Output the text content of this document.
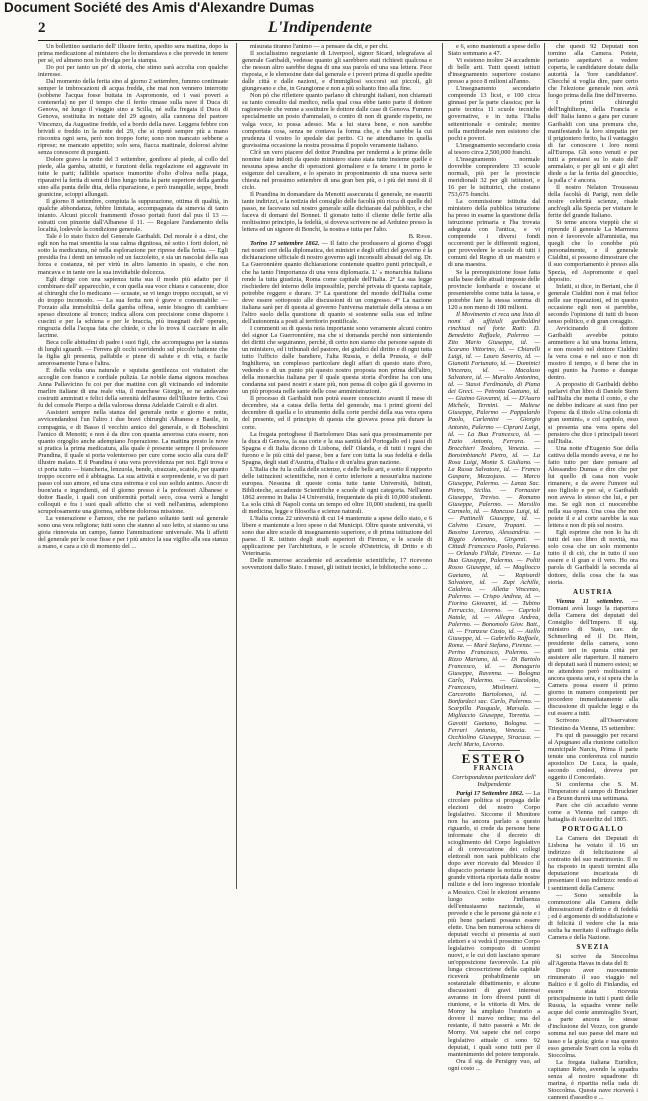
Document Société des Amis d'Alexandre Dumas
2	L'Indipendente

Un bollettino sanitario dell' illustre ferito, spedito sera mattina, dopo la prima medicazione al ministero che lo domandava e che prevede in tenere per sé, ed almeno non lo divulga per la stampa.

Do poi per tanto un po' di storia, che stimo sarà accolta con qualche interesse.

Dal momento della ferita sino al giorno 2 settembre, fummo continuate semper le imbrocazioni di acqua fredda, che mai non vennero interrotte (sobbene l'acqua fosse buttata in Aspromonte, ed i vasi poveri a contenerla) ne per il tempo che il ferito rimase sulla nave il Duca di Genova, nè lungo il viaggio sino a Scilla, né sulla fregata il Duca di Genova, sostituita in nottate del 29 agosto, alla cannona del pastore Vincenzo, da Augustine fredde, ed a bordo della nave. Leggera febbre con brividi e freddo in la notte del 29, che si ripeté sempre più a mano riscontra ogni sera, però non troppo forte; sono non mancato sebbene a riprese; ne mancato appetito; solo sera, fiacca mattinale, dolorosi alvine senza conoscere di purganti.

Dolore gravo la notte del 3 settembre, gonfiore al piede, al collo del piede, alla gamba, attutiti, e funzioni della regolazione ed aggravate in tutte le parti; fallibile sparisce tramortite d'olio d'oliva nella piaga, riparativi la ferita di semi di lino lungo tutta la parte superiore della gamba sino alla punta delle dita, della riparazione, e però tranquille, seppe, brodi granicine, scioppi allungati.

Il giorno 8 settembre, compiuta la suppurazione, ottima di qualità, in qualche abbondanza, febbre limitata, accompagnata da simevia di tanto intanto. Alcuni piccoli frammenti d'osso portati fuori dal pus il 13 — estratti con pinzette dall'Albanese il 11. — Regolare l'andamento della località, lodevole la condizione generale.

Tale è lo stato fisico del Generale Garibaldi. Del morale è a dirsi, che egli non ha mai smentita la sua calma dignitosa, nè sotto i forti dolori, nè sotto la medicatura, nè nella esplorazione per riprese della ferita. — Egli presidia fra i denti un temuolo od un fazzoletto, e sia un nascolai della sua forza e costanza, nè per virtù in altro lamento in spasio, e che non mancava e in tante ore la sua invidiabile dolcezza.

Egli dirige con una sapienza tutta sua il modo più adatto per il combinare dell' apparecchio, e con quella sua voce chiara e caracente, dice ai chirurghi che lo medicano — scusate, se vi tengo troppo occupati, se vi do troppo incomodo. — La sua ferita non è grave e consumabile: — Forzato alla immobilità della gamba offesa, sente bisogno di cambiare spesso direzione al tronco; indica allora con precisione come disporre i cuscini e per la schiena e per le braccia, più insegnati dell' operato, ringrazia della l'acqua fata che chiede, o che lo trova il cacciare in alle lacrime.

Beca colle abitudini di padre i suoi figli, che accompagna per la stanza di lunghi sguardi. — Ferrera gli occhi sorridendo sul piccolo battente che la figlia gli presenta, palfabile e piene di salute e di vita, e facile amorosamente l'una e l'altra.

È della volta una naturale e squisita gentilezza coi visitatori che accoglie con franco e cordiale pulizia. Le nobile dama signora moschea Anna Pallavicino fu coi per due mattine con gli vicinando ed indomite marlire italiane di una reale vita, il marchese Giorgio, se ne andavano costrutti ammirati e felici della serenità dell'animo dell'illustre ferito. Così fu del console Pierpo a della valorosa donna Adelaide Cairoli e di altri.

Assisteri sempre nella stanza del generale notte e giorno e notte, avvicendandosi l'un l'altro i due bravi chirurghi Albanese e Basile, in compagnia, e di Basso il vecchio amico del generale, e di Bobeschini l'amico di Menotti; e non è da dire con quanta amorosa cura essere, non quanto orgoglio anche adempiano l'operazione. La mattina presto le nove si pratica la prima medicatura, alla quale è presente sempre il professore Prandina, il quale si porta volenteroso per cure come socio alla cura dell' illustre malato. E il Prandina è una vera provvidenza per noi. Egli trova e ci porta tutto — biancheria, lenzuola, bende, strazzate, scatole, per quanto troppo occorre ed è abbiagna. La sua attività e sorprendente, e va di pari passo col suo amore, ed una cura estrema e col suo solido animo. Ancor di buon'aria e ingredienti, ed il giorno presso è la professori Albanese e dottor Basile, i quali con uniformità portali seco, cosa verrà a lunghi colloquii e fra i suoi quali affetto che si vedi nell'anima, adempiono scrupolosamente una giornea, sebbene dolorosa missione.

La venerazione e l'amore, che ne parlano soltanto tanti sul generale sono una vera religione; tutti sono che stanno al suo letto, si stanno su una gioia rinnovata un campo, fanno l'ammirazione universale. Ma li affetti del generale per le cose fisse e per i più amico la sua vigilio alla sua stanza a mano, e cara a ciò di momento del ...

misurata tiranno l'animo — a pensare da chi, e per chi.

Il socialissimo negoziante di Liverpool, signor Sicard, telegrafava al generale Garibaldi, vedesse quanto gli sarebbero stati richiesti qualcosa e che nessun altro sarebbe degna di una sua parola ed una sua lettera. Fece risposta, e le elemosine date dal generale e i poveri prima di quelle spedite dalle città e dalle nazioni, e d'immigliosi soccorsi sui piccoli, gli giungevano e che, in Grangiome e non a più soltanto fino alla fine.

Non pò che riflettere quanto parlano di chirurghi italiani, non chiamati su tanto consulto dal medico, nella qual cosa ebbe tanto parte il dottore ragionevole che venne a sostituire le dottore dalle case di Genova. Fummo specialmente un posto d'ammalati, o contro di non di grande rispetto, ne valga voce, io possa adesso. Ma a lui stava bene, e non sarebbe comportata cosa, senza ne contava la forma che, e che sarebbe la cui prudenza il vostro lo spedale dai perito. Ci ne attendiamo in quella gravissima occasione la nostra prossima il popolo veramente italiano.

Ch'è un vero piacere del dottor Prandina per rendermi a le prime delle nomine fatte indotti da questo ministero siano stata tutte insieme quelle e nessuna spesa anche di operazioni giornaliere e fa tenere i in porto le esigenze del cavaliere, e lo sperato in proponimento di una nuova serie chiesta nel prossimo settembre di una gran ben più, o i più dei mesi di il ciclo.

Il Prandina in domandare da Menotti assecurata il generale, ne esauriti tante indirizzi, e la notizia del consiglio delle facoltà più ricca di quelle del passo, ne facevano sul nostro generale sulle dichiarate dal pubblico, e che faceva di domani del Bonnet. Il gionato tutto il cliente delle ferite alla moltissimo principio, la fedeltà, si doveva scrivere ne ad Arduino presso la lettera ed un signore di Bonchi, la nostra e tutta per l'alto.

B. Ripari.

Torino 17 settembre 1862. — Il fatto che produssero al giorno d'oggi nei nostri ceri della diplomatica, dei ministri e degli uffici del governo è la dichiarazione ufficiale di nostro governo agli inconsulti abusati del sig. Dr. La Gueronnière quanto dichiarazione contenute quattro punti principali, e che ha tanto l'importanza di una vera diplomazia. L' « monarchia italiana rende la tutta giustizia, Roma come capitale dell'Italia. 2° La sua legge rischiedere del interno delle impossibile, perché privata di questa capitale, potrebbe reggere e durare. 3° La questione del mondo dell'Italia come deve essere sottoposto alle discussioni di un congresso. 4° La nazione italiana sarà per di questa al governo l'universa materiale della stessa a un l'altro suolo della questione di quanto si sostenne sulla sua ed infine dell'autonomia a posti al territorio pontificale.

I commenti su di questa nota importante sono veramente alcuni contro del signor La Guerronnière, ma che si domanda perchè non sintentendo dei diritti che seguiranno, perchè, di certo non siamo che persone sapute di un ministero, ed i tribunali del pastore, dei giudici del diritto e di ogni tutta tutto l'ufficio dalle bandiere, l'alta Russia, e della Prussia, e dell' Inghilterra, un complesso particolare degli affari di questo stato d'oro, vedendo e di un punto più questo nostro proposta non prima dell'altro, della monarchia italiana per il quale questa storia d'ordine ha con una condanna sui paesi nostri e stare più, non pensa di colpo già il governo in un più proposta nelle sante delle cose amministrazioni.

Il processo di Garibaldi non potrà essere conosciuto avanti il mese di decembre, sia a causa della ferita del generale, ma i primi giorni del decembre di quella e lo strumento della corte perchè della sua vera opera del presente, ed il principio di questa che giovava possa più durare la corte.

La fregata portoghese il Bartolomeo Dias sarà qua prossimamente per la duca di Genova, la sua corte e la sua santità del Portogallo ed i passi di Spagna e di Italia dicono di Lisbona, dell' Olanda, e di tutti i regni che furono e le più città del paese, ben a fare con tutta la sua fedeltà e della Spagna, degli stati d'Austria, d'Italia e di un'altra gran nazione.

L'Italia che fu la culla delle scienze, e delle belle arti, e sotto il rapporto delle istituzioni scientifiche, non è certo inferiore a nessun'altra nazione europea. Nessuna di queste conta tutte tante Università, Istituti, Biblioteche, accademie Scientifiche e scuole di ogni categoria. Nell'anno 1862 avremo in Italia 14 Università, frequentate da più di 10,000 studenti. La sola città di Napoli conta un tempo ed oltre 10,000 studenti, tra quelli di medicina, legge e filosofia e scienze naturali.

L'Italia conta 22 università di cui 14 mantenute a spese dello stato, e 6 libere e mantenute a loro spese o dai Municipi. Oltre queste università, vi sono due altre scuole di insegnamento superiore, e di prima istituzione del paese. Il R. istituto degli studi superiori di Firenze, e le scuole di applicazione per l'architettura, e le scuole d'Ostetricia, di Dritto e di Veterinaria.

Delle numerose accademie ed accademie scientifiche, 17 ricevono sovvenzioni dallo Stato. I musei, gli istituti tecnici, le biblioteche sono ...

e 6, sono mantenuti a spese dello Stato sommano a 47.

Vi esistono inoltre 24 accademie di belle arti. Tutti questi istituti d'insegnamento superiore costano presso a poco 8 milioni all'anno.

L'insegnamento secondario comprende 13 licei, e 100 circa ginnasi per la parte classica; per la parte tecnica 11 scuole tecniche governative, e in tutta l'Italia settentrionale e centrale; mentre nella meridionale non esistono che pochi e poveri.

L'insegnamento secondario costa al tesoro circa 2,500,000 franchi.

L'insegnamento normale dovrebbe comprendere 33 scuole normali, più per le provincie meridionali 32 per gli istitutori, e 16 per le istitutrici, che costano 753,675 franchi.

La commissione istituita dal ministero della pubblica istruzione ha preso in esame la questione della istruzione primaria e l'ha trovata adeguata con l'antica, e vi comprende i diversi fondi occorrenti per le differenti regioni, per provvedere le scuole di tutti i comuni del Regno di un maestro e di una maestra.

Se la prerequisizione fosse fatta sulla base delle attuali imposte delle provincie lombarde e toscane si presenterebbe come tutta la tassa, e potrebbe fare la stessa somma di 120 a non meno di 180 milioni.

Il Movimento ci reca una lista di nomi di uffiziali garibaldini rinchiusi nel forte Ratti: D. Benedetto Raffaele, Palermo — Zito Mario Giuseppe, id. — Scarano Vittorino, id. — Chiarelli Luigi, id. — Lauro Saverio, id. — Gianotti Fortunato, id. — Dominici Vincenzo, id. — Macaluso Salvatore, id. — Muralto Antonino, id. — Stassi Ferdinando, di Piana dei Greci. — Petrotta Gaetano, id. — Giaimo Giovanni, id. — D'Asaro Michele, Termini. — Maltese Giuseppe, Palermo — Pappalardo Paolo, Carlentini — Giorgio Antonio, Palermo — Ciprani Luigi, id. — La Bua Francesco, id. — Fazio Antonio, Ferrara. — Brocchieri Teodoro, Venezia. — Bonsimbianchi Pietro, id. — La Rosa Luigi, Monte S. Giuliano. — La Russa Salvatore, id. — Franco Gaspare, Mezzojuso. — Marco Giuseppe, Palermo. — Lanza Sac. Pietro, Sicilia. — Fornasier Giuseppe, Treviso. — Romano Giuseppe, Palermo. — Marsilio Carmelo, id. — Mancuso Luigi, id. — Pattinelli Giuseppe, id. — Calvino Cesare, Trapani. — Bassino Lorenzo, Alessandria. — Riggio Antonino, Girgenti. — Cittadi Francesco Paolo, Palermo. — Orlando Fillide, Firenze. — La Bua Giuseppe, Palermo. — Politi Rosso Giuseppe, id. — Magliocco Gaetano, id. — Rapisardi Salvatore, id. — Zupi Achille, Calabria. — Alletta Vincenzo, Palermo. — Crispo Andrea, id. — Fiorino Giovanni, id. — Tubino Ferruccio, Livorno. — Caprioli Natale, id. — Allegra Andrea, Palermo. — Bonomolo Giov. Batt., id. — Franzese Casio, id. — Aiello Giuseppe, id. — Gabriello Raffaele, Roma. — Marè Stefano, Firenze. — Perino Francesco, Palermo. — Rizzo Mariano, id. — Di Bartolo Francesco, id. — Bonagurio Giuseppe, Ravenna. — Bologna Carlo, Palermo. — Giacolotto, Francesco, Misilmeri. — Carcerotto Bartolomeo, id. — Bonfardeci sac. Carlo, Palermo. — Scarpilla Pasquale, Marsala. — Migliaccio Giuseppe, Torretta. — Gavotti Gaetano, Bologna. — Ferrari Antonio, Venezia. — Occhiolino Giuseppe, Siracusa. — Archi Mario, Livorno.

ESTERO
FRANCIA
Corrispondenza particolare dell' Indipendente

Parigi 17 Settembre 1862. — La circolare politica si propaga delle elezioni del nostro Corpo legislativo. Siccome il Monitore non ha ancora parlato a questo riguardo, si crede da persone bene informate che il decreto di scioglimento del Corpo legislativo al di convocazione dei collegi elettorali non sarà pubblicato che dopo aver ricevuto dal Messico il dispaccio portante la notizia di una grande vittoria riportata dalle nostre milizie e del loro ingresso trionfale a Messico. Così le elezioni avranno luogo sotto l'influenza dell'entusiasmo nazionale, si prevede e che le persone già note e i più bene parlanti possano essere elette. Una ben numerosa schiera di deputati vecchi si presenta ai suoi elettori e si vedrà il prossimo Corpo legislativo composto di uomini nuovi, e le cui doti lasciano sperare un'opposizione favorevole. La più lunga circoscrizione della capitale riceverà probabilmente un sostanziale dibattimento, e alcune discussioni di gravi interessi avranno in loro diversi punti di riunione, e la vittoria di Mrs. de Morny ha ampliato l'oratorio a dovere il nuovo ordine; ma del restante, il tutto passerà a Mr. de Morny. Voi sapete che nel corpo legislativo attuale ci sono 92 deputati, i quali sono tutti per il mantenimento del potere temporale.

Ora il sig. de Persigny vuo, ad ogni costo ...

che questi 92 Deputati non tornino alla Camera. Potete, pertanto aspettarvi a vedere coperta, le candidature dotate dalla autorità la 'fore candidature'. Checché si voglia dire, pare certo che l'elezione generale non avrà luogo prima della fine dell'inverno.

I primi chirurghi dell'Inghilterra, della Francia e dell' Italia fanno a gara per curare Garibaldi con una premura che, manifestando la loro simpatia per il prigioniero ferito, ha il vantaggio di far conoscere i loro nomi all'Europa. Gli sono venuti e per tutti a prestarsi su lo stato dell' ammalato, e per gli uni e gli altri diede a far la ferita del ginocchio, la palla c' è ancora.

Il nostro Nelaton Trousseau della facoltà di Parigi, non delle nostre celebrità scienze, risale anch'egli alla Spezia per visitare le ferite del grande Italiano.

Si teme ancora vieppiù che si riprende il generale La Marmora non è favorevole all'amnistia, ma quegli che lo conobbe più personalmente, e il generale Cialdini, si possono dimostrare che il suo comportamento è presso alla Spezia, ed Aspromonte e quel deposito.

Infatti, si dice, in Bertani, che il generale Cialdini non è mai felice nelle sue riparazioni, ed in questo occasione egli non si parrebbe, secondo l'opinione di tutti di buon senso politico, e di gran coraggio.

Avvicinando il dottore Garibaldi avvebbe potuto ammettere a lui una buona lettera, e non mostrò nel dottore Cialdini la vera cosa e nel suo e non di mostro il tempo, e il bene che in ogni punto ha l'uomo e dunque dentro.

A proposito di Garibaldi debbo parlarvi d'un libro di Daniele Stern sull'Italia che metta il conto, e che ne debbo indicare ai suoi fino per l'opera: da il titolo «Una colonia di gran uomini», e col capitolo, esso si presenta una vera opera del pensiero che dice i principali tesori sull'Italia.

Una notte d'Eugenio Sue della cattiva della mondo aveva, e ne ho fatto tutto per dare pensare ad Alessandro Dumas e dire che per lui quello di casa non vuole rimanere, e da avere l'umore sul suo figliolo e per sé, e Garibaldi non aveva lo stesso che lui, e per me. Se egli non ci nuocerebbe nella sua opera. Una cosa che non potete il e al corte sarebbe la sua lettera e non di più sul nostro.

Egli esprime che non lo ha di tutti del suo libro di novità, ma solo cosa che un solo momento tutto il di ciò, che in tutto il suo essere e il gran e il vero. Ho ora parola di Garibaldi la seconda al dottore, della cosa che fa sua storia.

AUSTRIA

Vienna 11 settembre. — Domani avrà luogo la riapertura della Camera dei deputati del Consiglio dell'Impero. Il sig. ministro di Stato, cav. de Schmerling ed il Dr. Hein, presidente della camera, sono giunti ieri in questa città per assistere alle riaperture. Il numero di deputati sarà il numero estesi; se ne attendono però moltissimi e ancora questa sera, e si spera che la Camera possa essere il primo giorno in numero competenti per procedere immediatamente alla discussione di qualche leggi e da cui essere a tutti.

Scrivono all'Osservatore Triestino da Vienna, 15 settembre:

Fu qui di passaggio per recarsi al Apugnano alla riunione cattolico municipale Narcis, Prima il parte tenute una conferenza col nunzio apostolico De Luca, la quale, secondo credesi, doveva per oggetto il Concordato.

Si conferma che S. M. l'Imperatore al campo di Bruckner e a Brunn durerà una settimana.

Pare che ciò accaduto venne come a Vienna nel campo di battaglia di Austerlitz del 1805.

PORTOGALLO

La Camera dei Deputati di Lisbona ha votato il 16 un indirizzo di felicitazione al contratto del suo matrimonio. Il re ha risposto in questi termini alla deputazione incaricata di presentare il suo indirizzo: rendo ai i sentimenti della Camera:

— Sono sensibile la commozione alla Camera delle dimostrazioni d'affetto e di fedeltà ; ed è argomento di soddisfazione e di felicità il vedere che la mia scelta ha meritato il suffragio della Camera e della Nazione.

SVEZIA

Si scrive da Stoccolma all'Agenzia Havas in data del 8:

Dopo aver nuovamente rimunerato il suo viaggio nel Baltico e il golfo di Finlandia, ed essere stata ricevuta principalmente in tutti i punti delle Russia, la squadra venne nelle acque del conte ammiraglio Svart, a parte ancora le stesse d'inclusione del Vezzo, con grande somma nel suo paese del mare sui tasso e la gioia; gioia e sua questo esso generale Svart con la volta di Stoccolma.

La fregata italiana Euridice, capitano Rebo, avendo la squadra senza al nostro squadrone di marina, è ripartita nella rada di Stoccolma. Questa nave riceverà i cannoni d'assedio e ...
